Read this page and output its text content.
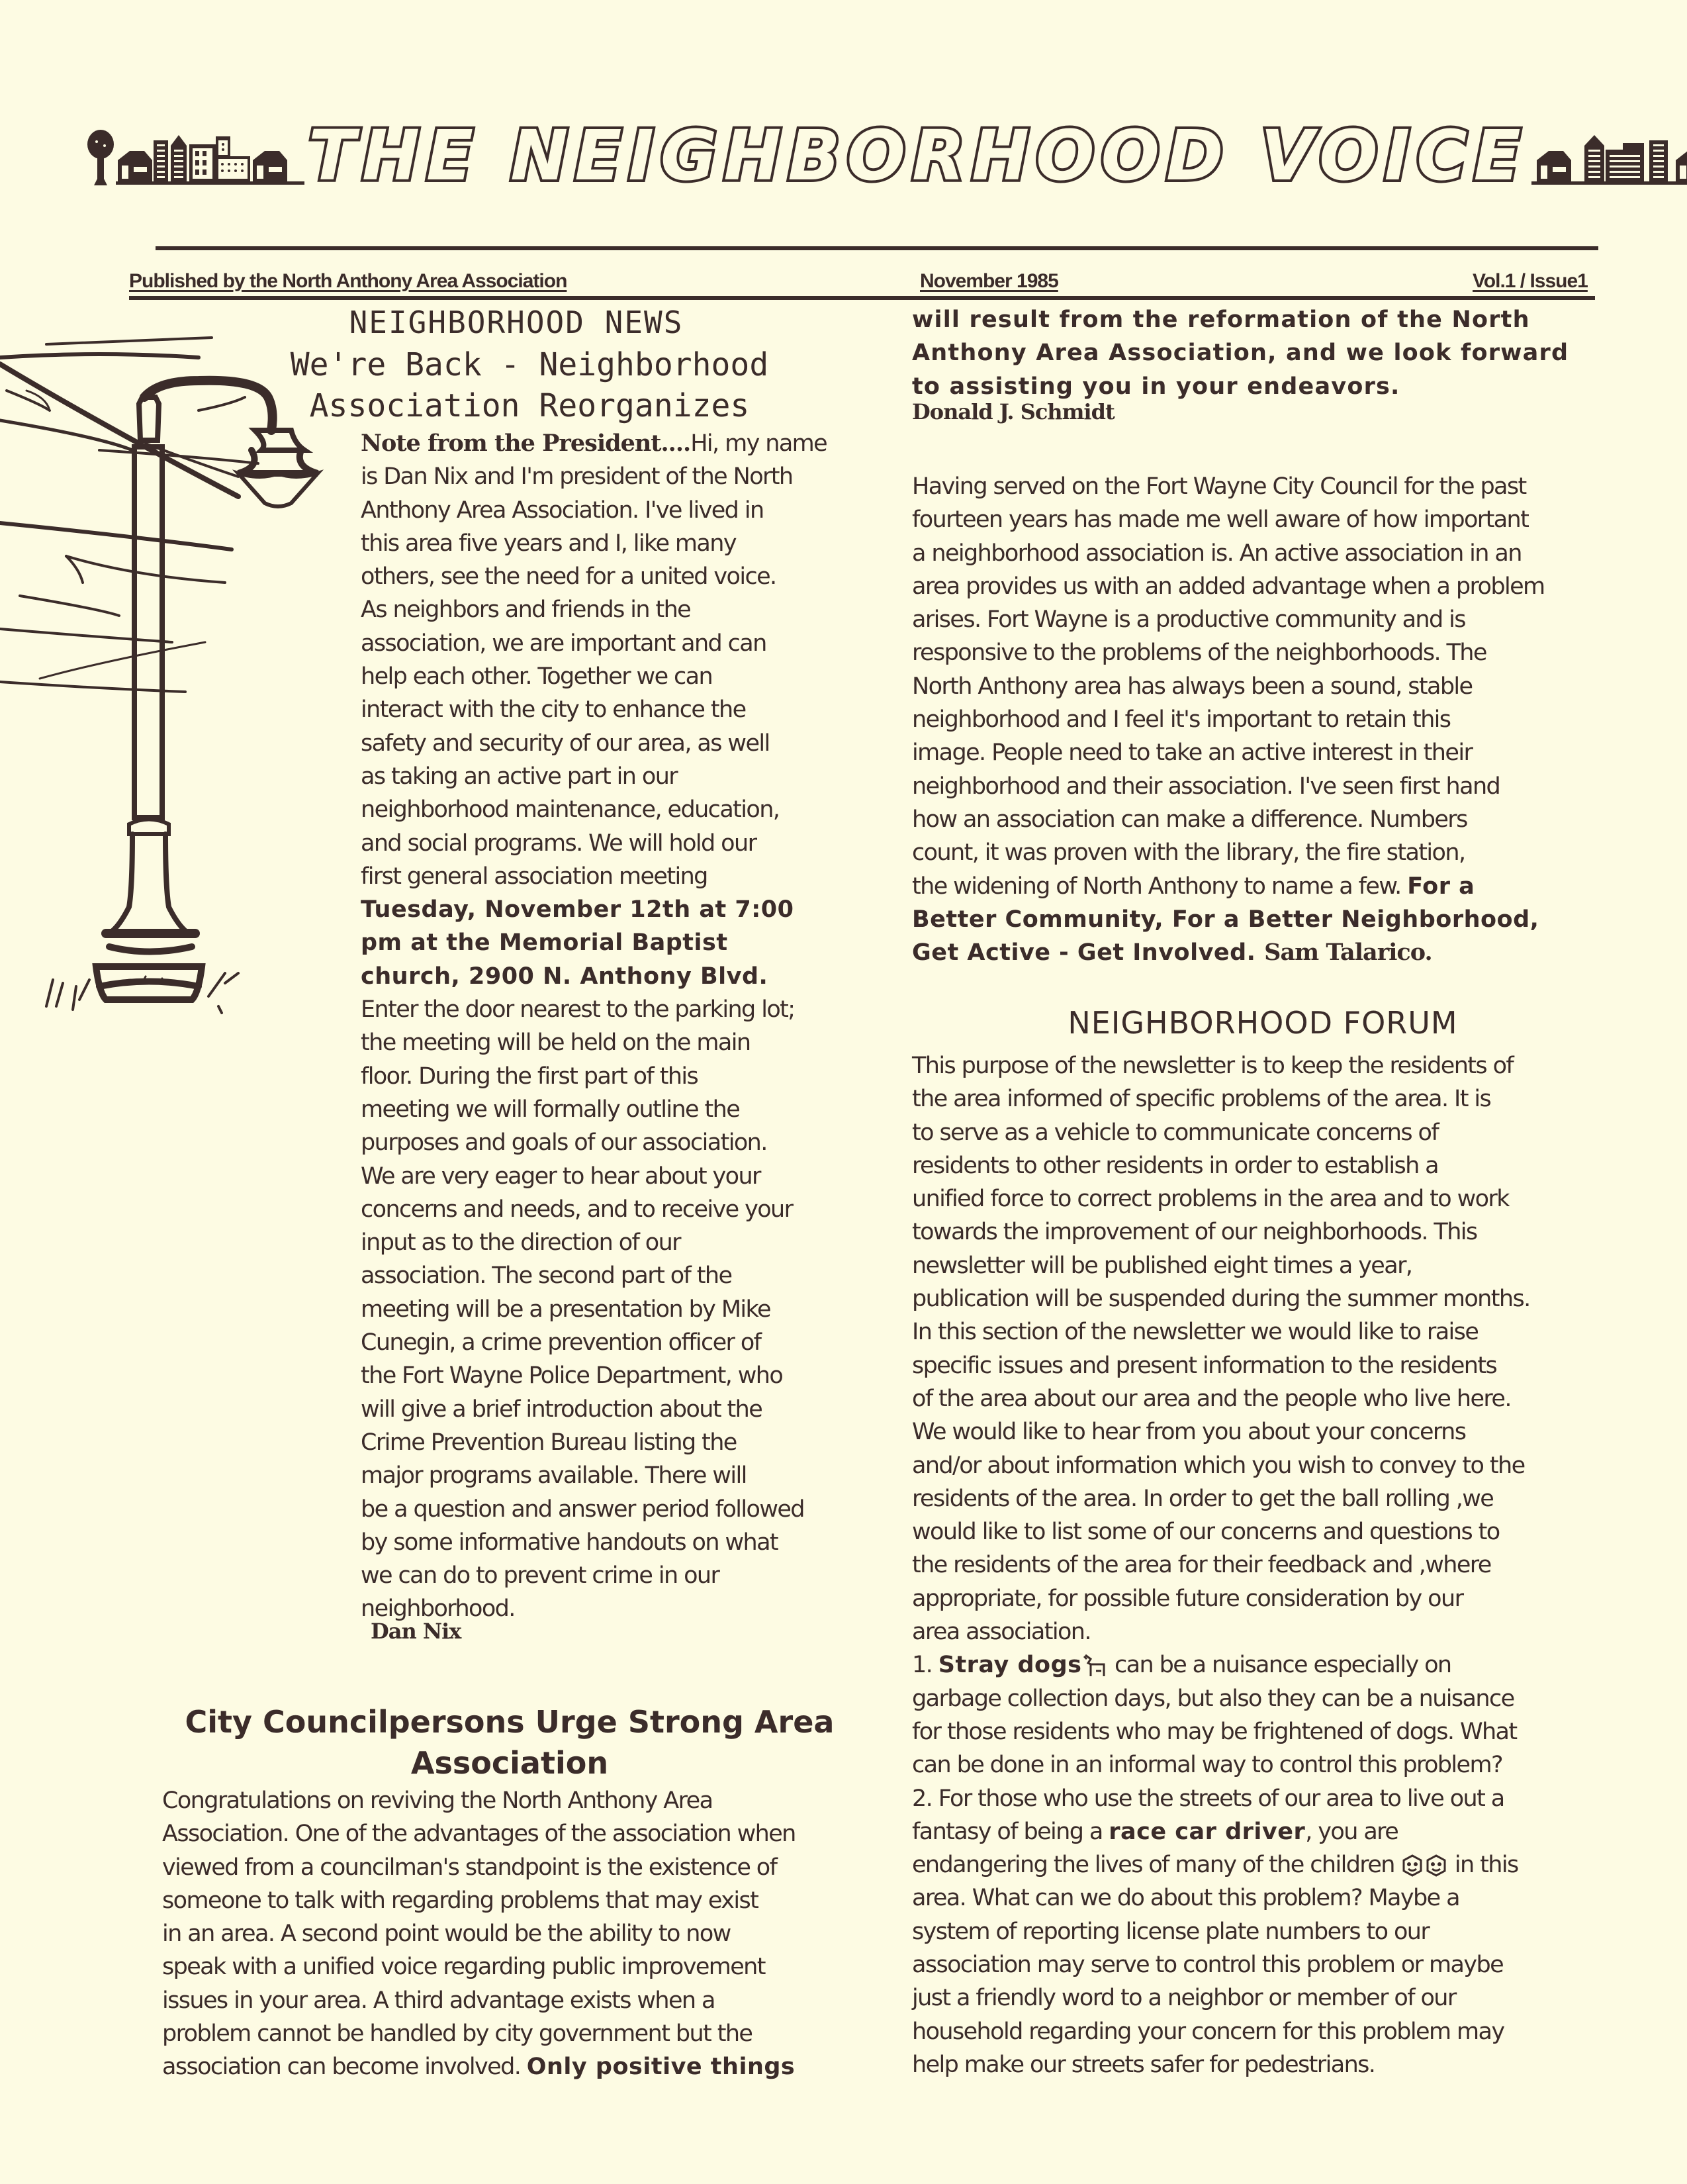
THE NEIGHBORHOOD VOICE
Published by the North Anthony Area Association	November 1985	Vol.1 / Issue1
NEIGHBORHOOD NEWS
We're Back - Neighborhood
Association Reorganizes
Note from the President....Hi, my name
is Dan Nix and I'm president of the North
Anthony Area Association. I've lived in
this area five years and I, like many
others, see the need for a united voice.
As neighbors and friends in the
association, we are important and can
help each other. Together we can
interact with the city to enhance the
safety and security of our area, as well
as taking an active part in our
neighborhood maintenance, education,
and social programs. We will hold our
first general association meeting
Tuesday, November 12th at 7:00
pm at the Memorial Baptist
church, 2900 N. Anthony Blvd.
Enter the door nearest to the parking lot;
the meeting will be held on the main
floor. During the first part of this
meeting we will formally outline the
purposes and goals of our association.
We are very eager to hear about your
concerns and needs, and to receive your
input as to the direction of our
association. The second part of the
meeting will be a presentation by Mike
Cunegin, a crime prevention officer of
the Fort Wayne Police Department, who
will give a brief introduction about the
Crime Prevention Bureau listing the
major programs available. There will
be a question and answer period followed
by some informative handouts on what
we can do to prevent crime in our
neighborhood.
Dan Nix
City Councilpersons Urge Strong Area
Association
Congratulations on reviving the North Anthony Area
Association. One of the advantages of the association when
viewed from a councilman's standpoint is the existence of
someone to talk with regarding problems that may exist
in an area. A second point would be the ability to now
speak with a unified voice regarding public improvement
issues in your area. A third advantage exists when a
problem cannot be handled by city government but the
association can become involved. Only positive things
will result from the reformation of the North
Anthony Area Association, and we look forward
to assisting you in your endeavors.
Donald J. Schmidt
Having served on the Fort Wayne City Council for the past
fourteen years has made me well aware of how important
a neighborhood association is. An active association in an
area provides us with an added advantage when a problem
arises. Fort Wayne is a productive community and is
responsive to the problems of the neighborhoods. The
North Anthony area has always been a sound, stable
neighborhood and I feel it's important to retain this
image. People need to take an active interest in their
neighborhood and their association. I've seen first hand
how an association can make a difference. Numbers
count, it was proven with the library, the fire station,
the widening of North Anthony to name a few. For a
Better Community, For a Better Neighborhood,
Get Active - Get Involved. Sam Talarico.
NEIGHBORHOOD FORUM
This purpose of the newsletter is to keep the residents of
the area informed of specific problems of the area. It is
to serve as a vehicle to communicate concerns of
residents to other residents in order to establish a
unified force to correct problems in the area and to work
towards the improvement of our neighborhoods. This
newsletter will be published eight times a year,
publication will be suspended during the summer months.
In this section of the newsletter we would like to raise
specific issues and present information to the residents
of the area about our area and the people who live here.
We would like to hear from you about your concerns
and/or about information which you wish to convey to the
residents of the area. In order to get the ball rolling ,we
would like to list some of our concerns and questions to
the residents of the area for their feedback and ,where
appropriate, for possible future consideration by our
area association.
1. Stray dogs can be a nuisance especially on
garbage collection days, but also they can be a nuisance
for those residents who may be frightened of dogs. What
can be done in an informal way to control this problem?
2. For those who use the streets of our area to live out a
fantasy of being a race car driver, you are
endangering the lives of many of the children  in this
area. What can we do about this problem? Maybe a
system of reporting license plate numbers to our
association may serve to control this problem or maybe
just a friendly word to a neighbor or member of our
household regarding your concern for this problem may
help make our streets safer for pedestrians.
